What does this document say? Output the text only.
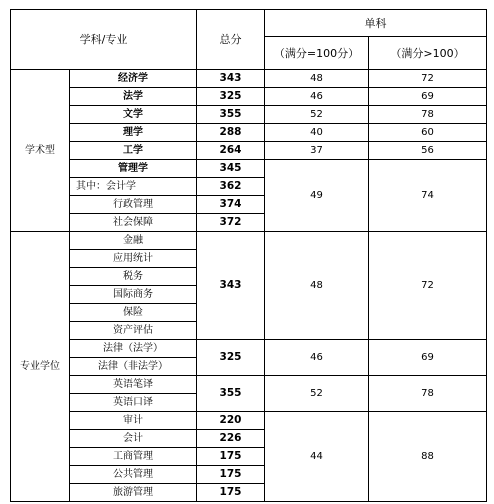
学科/专业		总分	单科	
			（满分=100分）	（满分>100）
学术型	经济学	343	48	72
	法学	325	46	69
	文学	355	52	78
	理学	288	40	60
	工学	264	37	56
	管理学	345	49	74
	其中：会计学	362		
	行政管理	374		
	社会保障	372		
专业学位	金融	343	48	72
	应用统计			
	税务			
	国际商务			
	保险			
	资产评估			
	法律（法学）	325	46	69
	法律（非法学）			
	英语笔译	355	52	78
	英语口译			
	审计	220	44	88
	会计	226		
	工商管理	175		
	公共管理	175		
	旅游管理	175		
